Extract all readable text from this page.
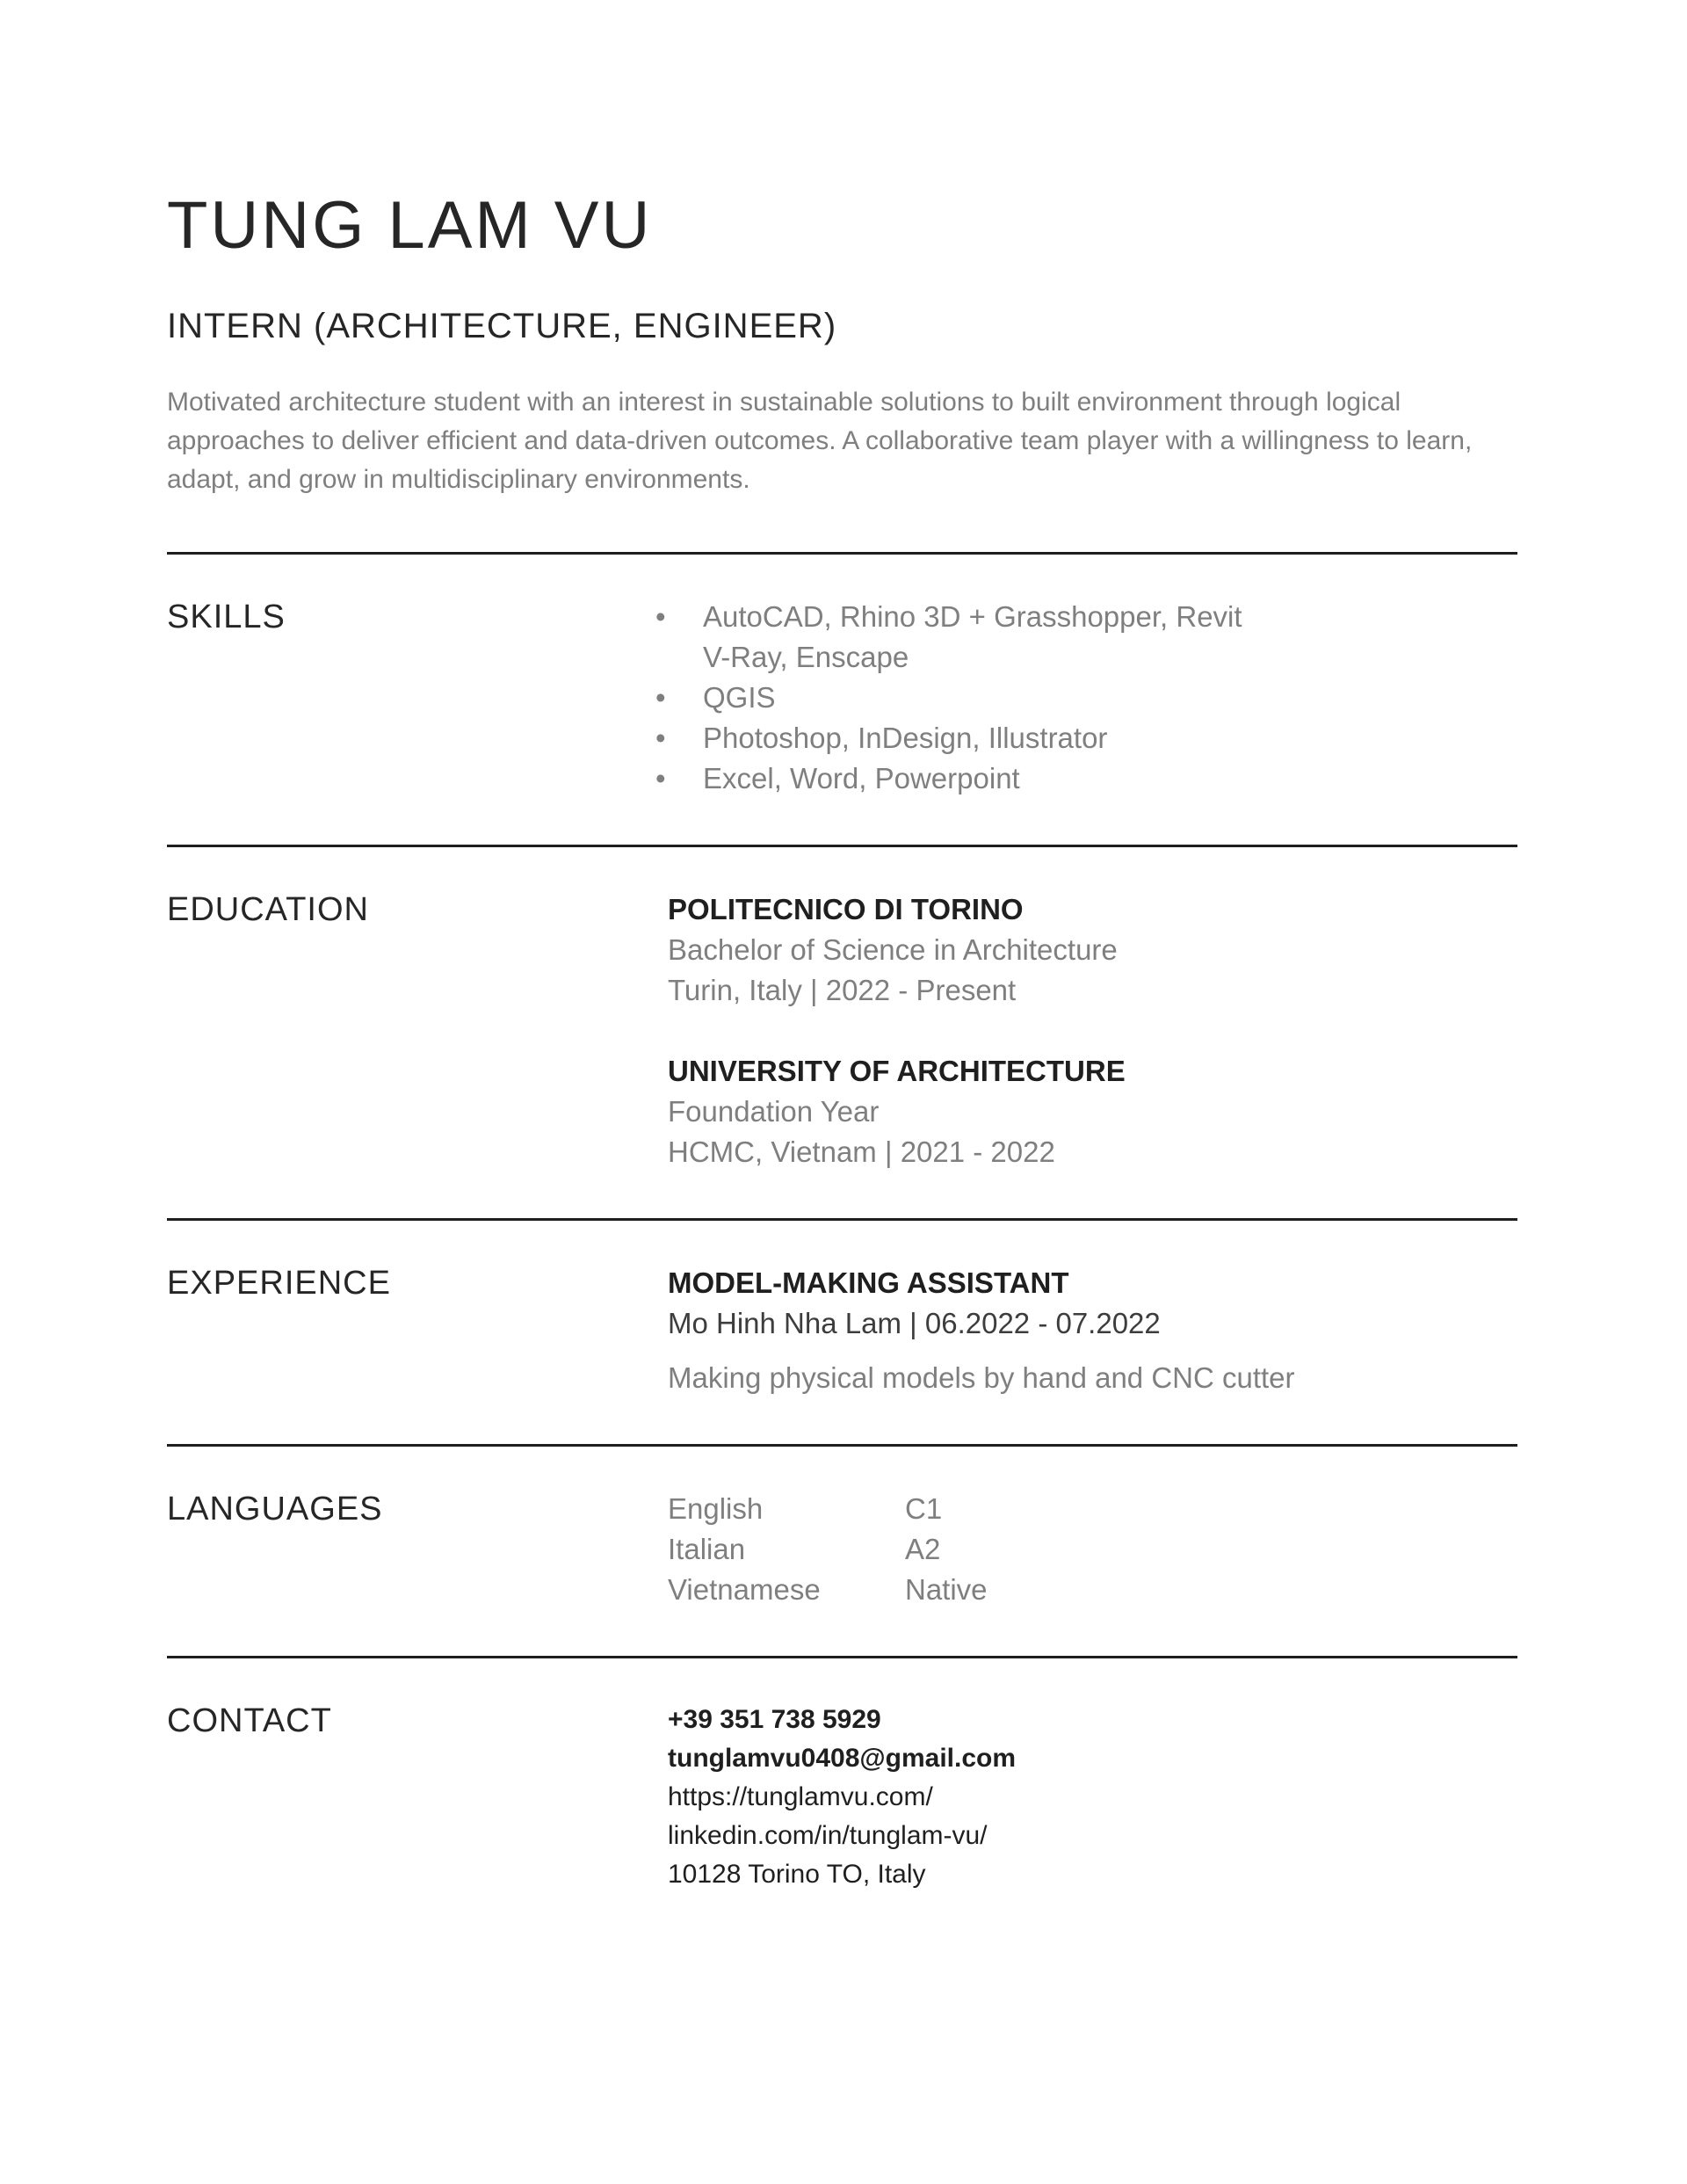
TUNG LAM VU
INTERN (ARCHITECTURE, ENGINEER)

Motivated architecture student with an interest in sustainable solutions to built environment through logical approaches to deliver efficient and data-driven outcomes. A collaborative team player with a willingness to learn, adapt, and grow in multidisciplinary environments.

SKILLS	•	AutoCAD, Rhino 3D + Grasshopper, Revit
V-Ray, Enscape
•	QGIS
•	Photoshop, InDesign, Illustrator
•	Excel, Word, Powerpoint
EDUCATION	POLITECNICO DI TORINO
Bachelor of Science in Architecture
Turin, Italy | 2022 - Present
UNIVERSITY OF ARCHITECTURE
Foundation Year
HCMC, Vietnam | 2021 - 2022
EXPERIENCE	MODEL-MAKING ASSISTANT
Mo Hinh Nha Lam | 06.2022 - 07.2022
Making physical models by hand and CNC cutter
LANGUAGES	English	C1
Italian	A2
Vietnamese	Native
CONTACT	+39 351 738 5929
tunglamvu0408@gmail.com
https://tunglamvu.com/
linkedin.com/in/tunglam-vu/
10128 Torino TO, Italy
